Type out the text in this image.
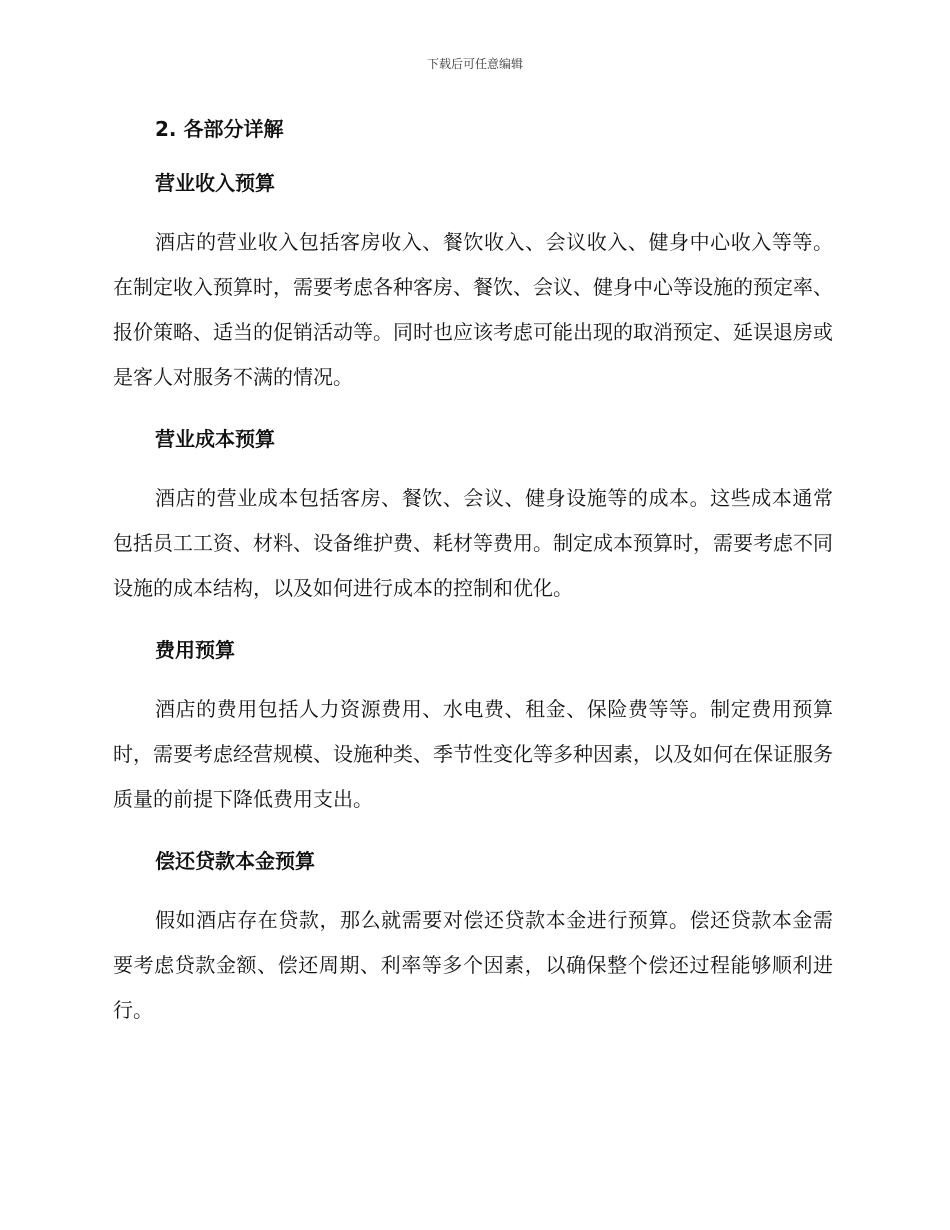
下载后可任意编辑
2. 各部分详解
营业收入预算

酒店的营业收入包括客房收入、餐饮收入、会议收入、健身中心收入等等。在制定收入预算时，需要考虑各种客房、餐饮、会议、健身中心等设施的预定率、报价策略、适当的促销活动等。同时也应该考虑可能出现的取消预定、延误退房或是客人对服务不满的情况。

营业成本预算

酒店的营业成本包括客房、餐饮、会议、健身设施等的成本。这些成本通常包括员工工资、材料、设备维护费、耗材等费用。制定成本预算时，需要考虑不同设施的成本结构，以及如何进行成本的控制和优化。

费用预算

酒店的费用包括人力资源费用、水电费、租金、保险费等等。制定费用预算时，需要考虑经营规模、设施种类、季节性变化等多种因素，以及如何在保证服务质量的前提下降低费用支出。

偿还贷款本金预算

假如酒店存在贷款，那么就需要对偿还贷款本金进行预算。偿还贷款本金需要考虑贷款金额、偿还周期、利率等多个因素，以确保整个偿还过程能够顺利进行。
